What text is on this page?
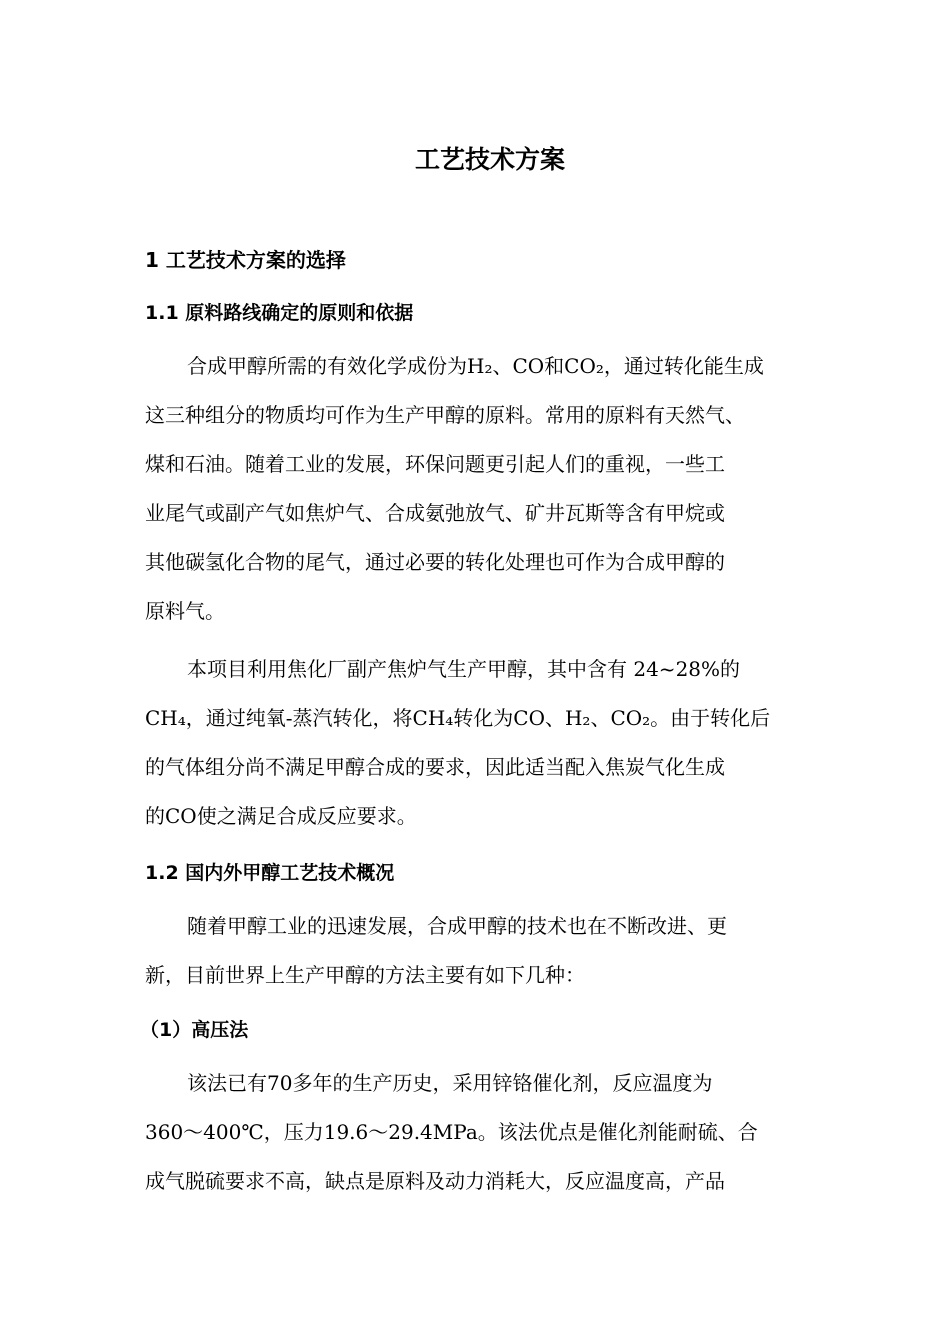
工艺技术方案
1 工艺技术方案的选择
1.1 原料路线确定的原则和依据
合成甲醇所需的有效化学成份为H₂、CO和CO₂，通过转化能生成
这三种组分的物质均可作为生产甲醇的原料。常用的原料有天然气、
煤和石油。随着工业的发展，环保问题更引起人们的重视，一些工
业尾气或副产气如焦炉气、合成氨弛放气、矿井瓦斯等含有甲烷或
其他碳氢化合物的尾气，通过必要的转化处理也可作为合成甲醇的
原料气。
本项目利用焦化厂副产焦炉气生产甲醇，其中含有 24~28%的
CH₄，通过纯氧-蒸汽转化，将CH₄转化为CO、H₂、CO₂。由于转化后
的气体组分尚不满足甲醇合成的要求，因此适当配入焦炭气化生成
的CO使之满足合成反应要求。
1.2 国内外甲醇工艺技术概况
随着甲醇工业的迅速发展，合成甲醇的技术也在不断改进、更
新，目前世界上生产甲醇的方法主要有如下几种：
（1）高压法
该法已有70多年的生产历史，采用锌铬催化剂，反应温度为
360～400℃，压力19.6～29.4MPa。该法优点是催化剂能耐硫、合
成气脱硫要求不高，缺点是原料及动力消耗大，反应温度高，产品
